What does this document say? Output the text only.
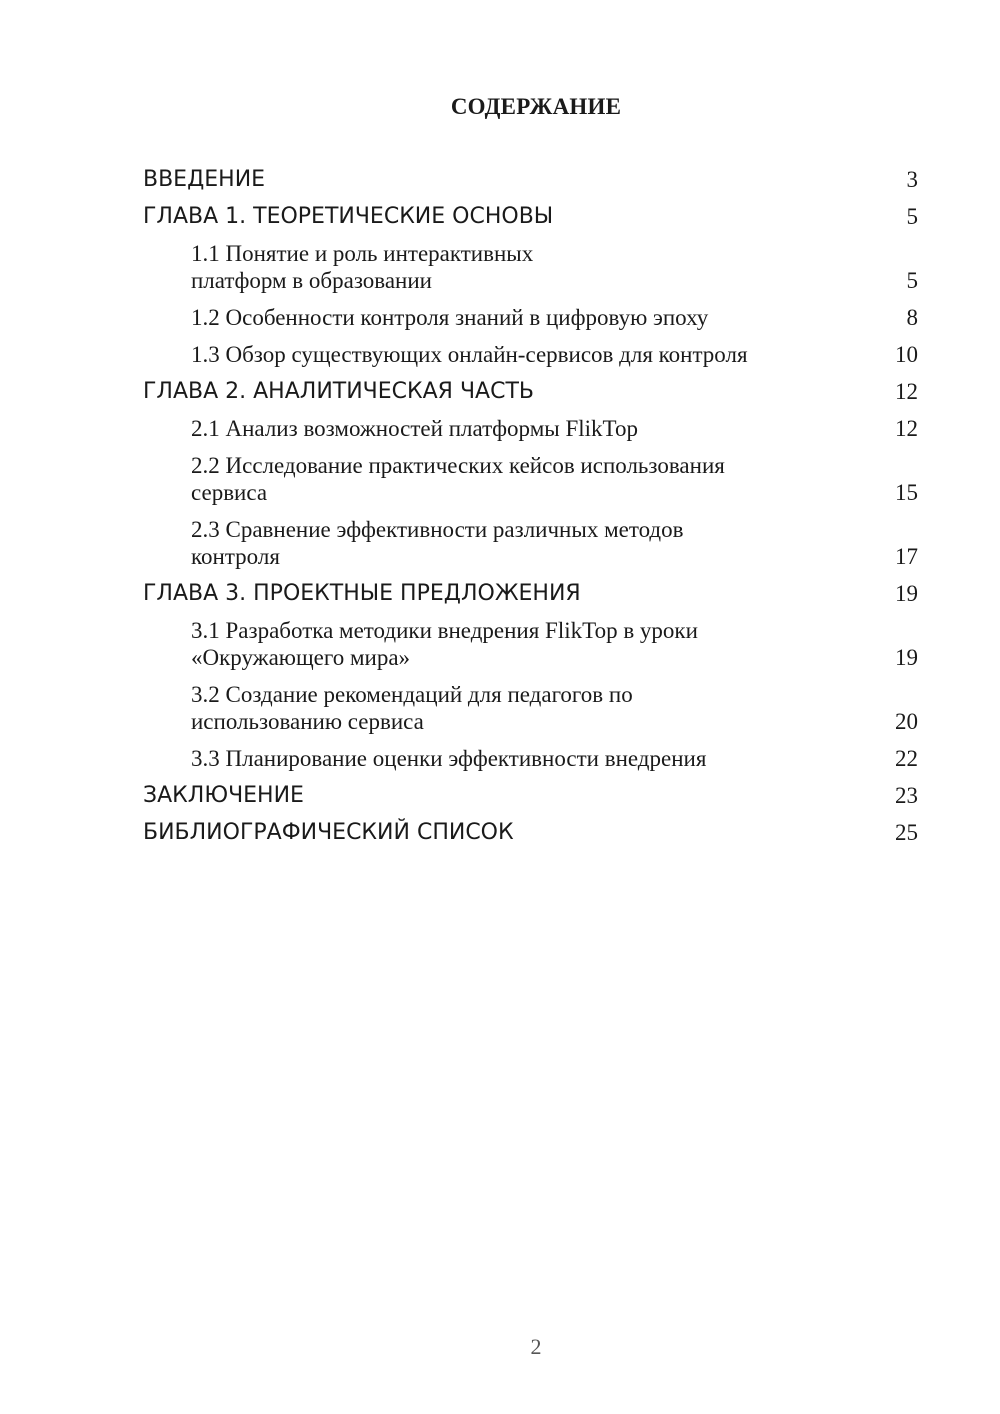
СОДЕРЖАНИЕ
ВВЕДЕНИЕ	3
ГЛАВА 1. ТЕОРЕТИЧЕСКИЕ ОСНОВЫ	5
1.1 Понятие и роль интерактивных платформ в образовании	5
1.2 Особенности контроля знаний в цифровую эпоху	8
1.3 Обзор существующих онлайн-сервисов для контроля	10
ГЛАВА 2. АНАЛИТИЧЕСКАЯ ЧАСТЬ	12
2.1 Анализ возможностей платформы FlikTop	12
2.2 Исследование практических кейсов использования сервиса	15
2.3 Сравнение эффективности различных методов контроля	17
ГЛАВА 3. ПРОЕКТНЫЕ ПРЕДЛОЖЕНИЯ	19
3.1 Разработка методики внедрения FlikTop в уроки «Окружающего мира»	19
3.2 Создание рекомендаций для педагогов по использованию сервиса	20
3.3 Планирование оценки эффективности внедрения	22
ЗАКЛЮЧЕНИЕ	23
БИБЛИОГРАФИЧЕСКИЙ СПИСОК	25
2
